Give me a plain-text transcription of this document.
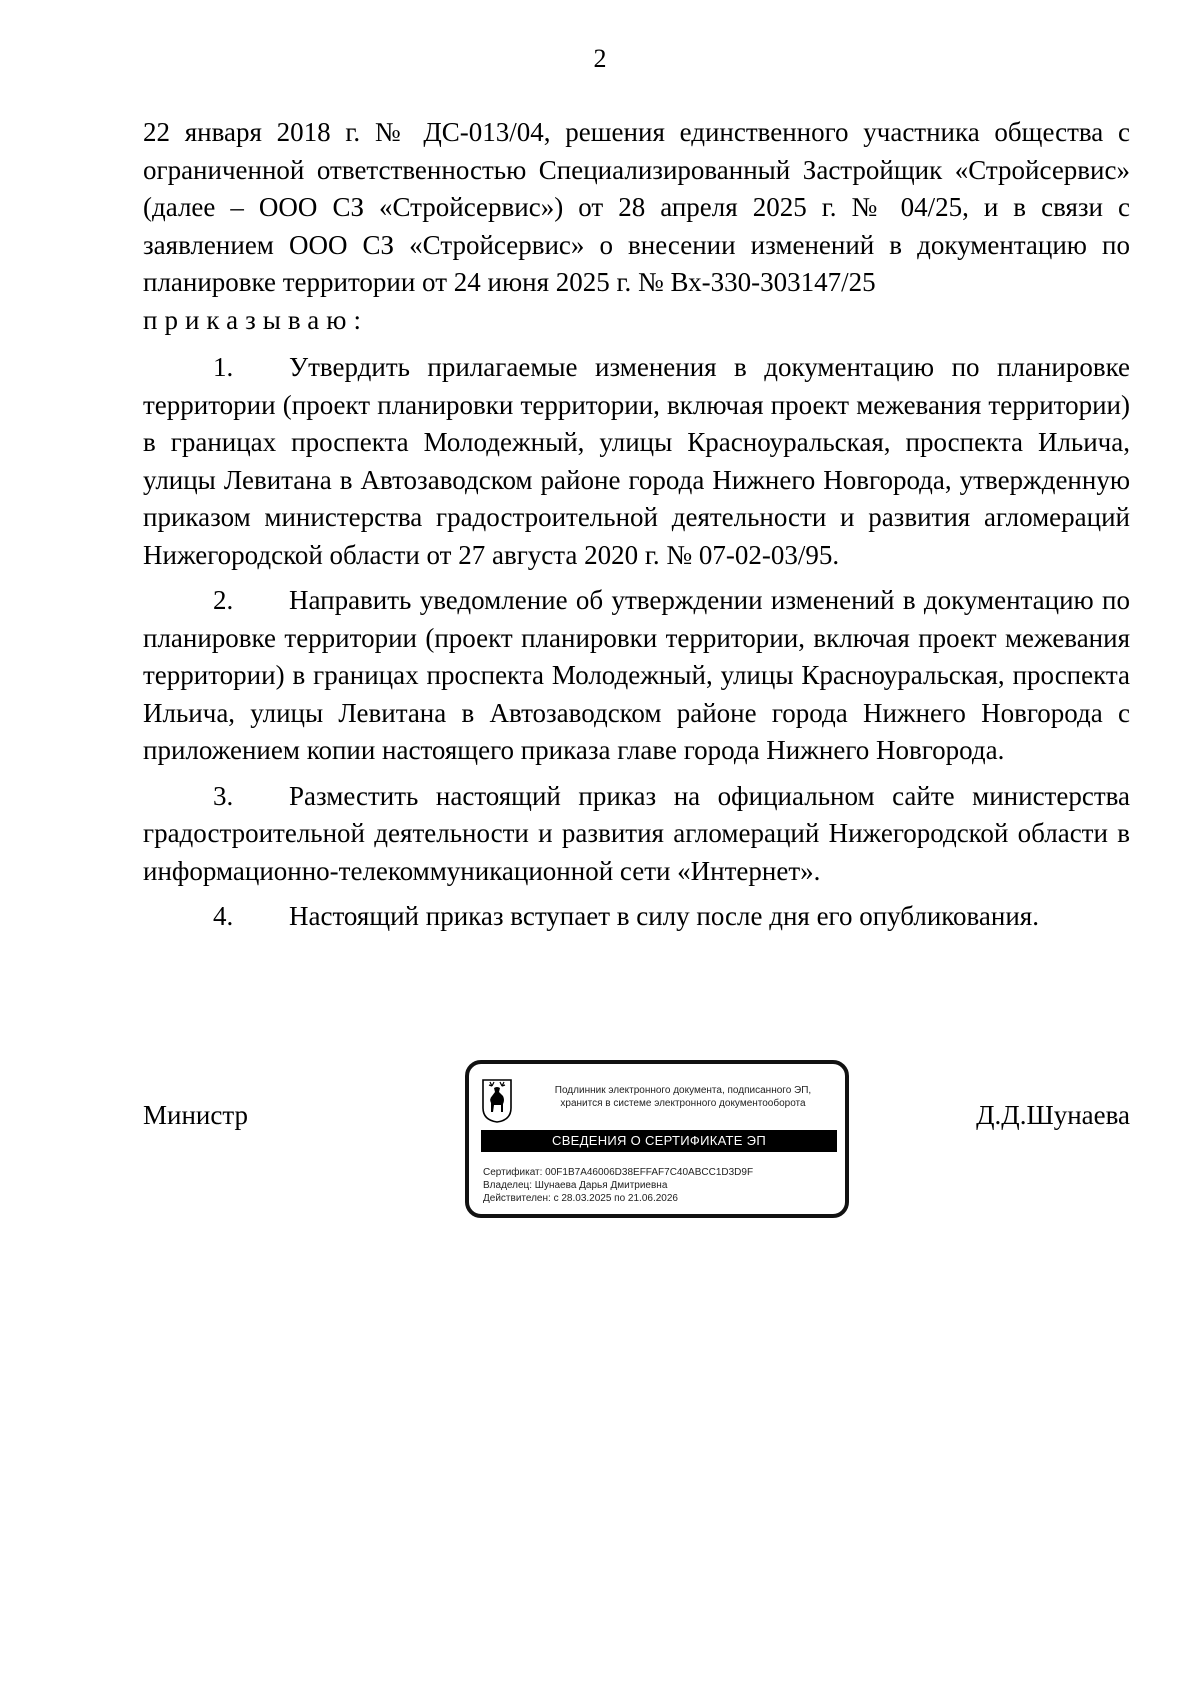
2

22 января 2018 г. № ДС-013/04, решения единственного участника общества с ограниченной ответственностью Специализированный Застройщик «Стройсервис» (далее – ООО СЗ «Стройсервис») от 28 апреля 2025 г. № 04/25, и в связи с заявлением ООО СЗ «Стройсервис» о внесении изменений в документацию по планировке территории от 24 июня 2025 г. № Вх-330-303147/25
приказываю:

1. Утвердить прилагаемые изменения в документацию по планировке территории (проект планировки территории, включая проект межевания территории) в границах проспекта Молодежный, улицы Красноуральская, проспекта Ильича, улицы Левитана в Автозаводском районе города Нижнего Новгорода, утвержденную приказом министерства градостроительной деятельности и развития агломераций Нижегородской области от 27 августа 2020 г. № 07-02-03/95.

2. Направить уведомление об утверждении изменений в документацию по планировке территории (проект планировки территории, включая проект межевания территории) в границах проспекта Молодежный, улицы Красноуральская, проспекта Ильича, улицы Левитана в Автозаводском районе города Нижнего Новгорода с приложением копии настоящего приказа главе города Нижнего Новгорода.

3. Разместить настоящий приказ на официальном сайте министерства градостроительной деятельности и развития агломераций Нижегородской области в информационно-телекоммуникационной сети «Интернет».

4. Настоящий приказ вступает в силу после дня его опубликования.

Министр	Д.Д.Шунаева
Подлинник электронного документа, подписанного ЭП,
хранится в системе электронного документооборота
СВЕДЕНИЯ О СЕРТИФИКАТЕ ЭП
Сертификат: 00F1B7A46006D38EFFAF7C40ABCC1D3D9F
Владелец: Шунаева Дарья Дмитриевна
Действителен: с 28.03.2025 по 21.06.2026
